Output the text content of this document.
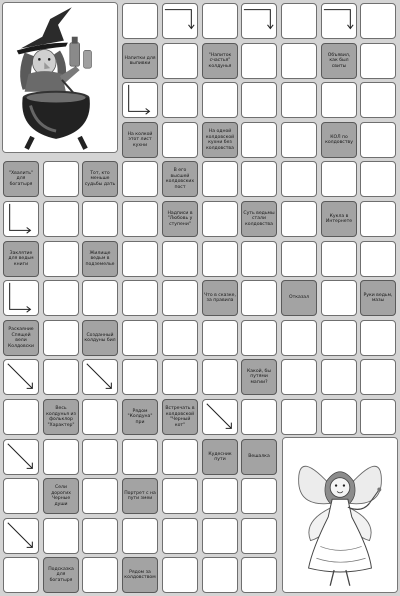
Напитки для выпивки
"Напиток счастья" колдунья
Объявил, как был свиты
На колкой этот лист кухни
На одной колдовской кухни без колдовства
КОЛ по колдовству
"Хвалить" для богатыря
Тот, кто меньше судьбы дать
В его высшей колдовских пост
Надписи в "Любовь у ступени"
Суть ведьмы стали колдовства
Кукла в Интернете
Заклятие для ведьм книги
Жилище ведьм в подземелье
Что в сказке, за правила
Отказал
Руки ведьм, мазы
Раскаяние Спящей вели Колдовски
Созданный колдуны бил
Какой, бы путями магии?
Весь колдунья из фольклор "Характер"
Рядом "Колдуна" при
Встречать в колдовской "Черный кот"
Кудесник пути
Вешалка
Сели дорогих Черные души
Портрет с на пути змеи
Подсказка для богатыря
Рядом за колдовством
